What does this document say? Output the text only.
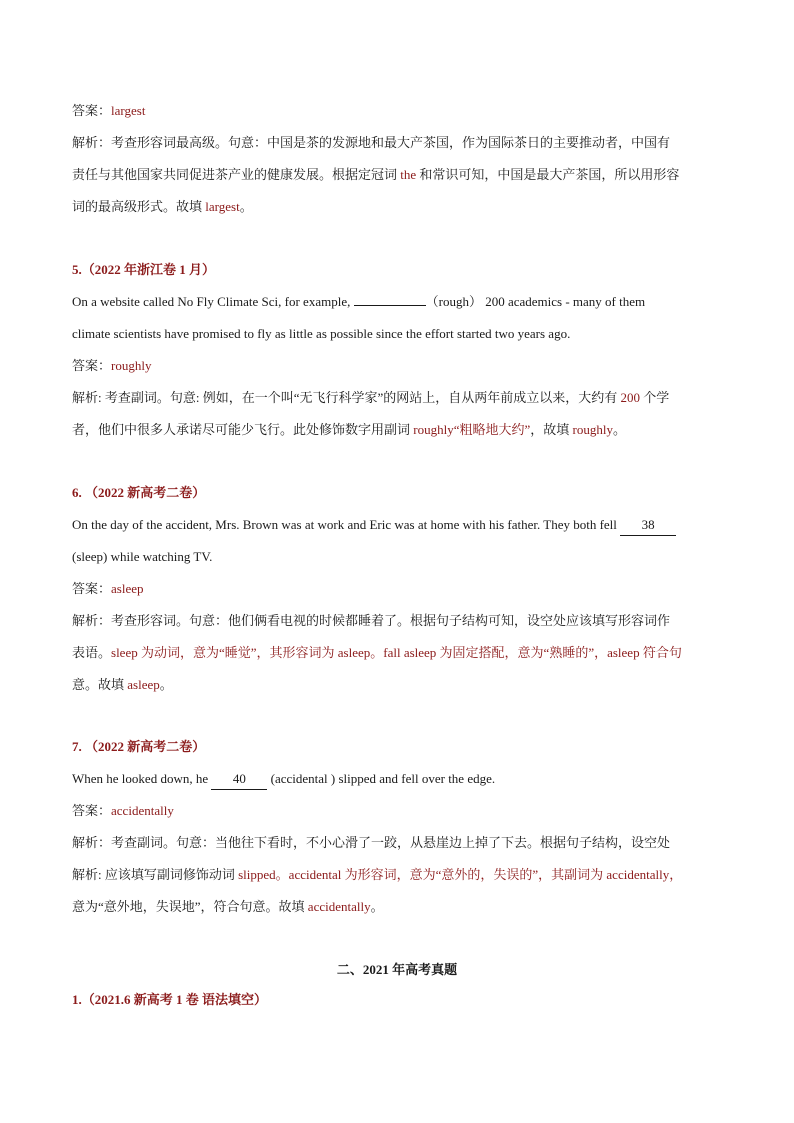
答案：largest
解析：考查形容词最高级。句意：中国是茶的发源地和最大产茶国，作为国际茶日的主要推动者，中国有
责任与其他国家共同促进茶产业的健康发展。根据定冠词 the 和常识可知，中国是最大产茶国，所以用形容
词的最高级形式。故填 largest。
5.（2022 年浙江卷 1 月）
On a website called No Fly Climate Sci, for example,	（rough） 200 academics - many of them
climate scientists have promised to fly as little as possible since the effort started two years ago.
答案：roughly
解析: 考查副词。句意: 例如，在一个叫“无飞行科学家”的网站上，自从两年前成立以来，大约有 200 个学
者，他们中很多人承诺尽可能少飞行。此处修饰数字用副词 roughly“粗略地大约”，故填 roughly。
6. （2022 新高考二卷）
On the day of the accident, Mrs. Brown was at work and Eric was at home with his father. They both fell 38
(sleep) while watching TV.
答案：asleep
解析：考查形容词。句意：他们俩看电视的时候都睡着了。根据句子结构可知，设空处应该填写形容词作
表语。sleep 为动词，意为“睡觉”，其形容词为 asleep。fall asleep 为固定搭配，意为“熟睡的”，asleep 符合句
意。故填 asleep。
7. （2022 新高考二卷）
When he looked down, he 40 (accidental ) slipped and fell over the edge.
答案：accidentally
解析：考查副词。句意：当他往下看时，不小心滑了一跤，从悬崖边上掉了下去。根据句子结构，设空处
解析: 应该填写副词修饰动词 slipped。accidental 为形容词，意为“意外的，失误的”，其副词为 accidentally，
意为“意外地，失误地”，符合句意。故填 accidentally。
二、2021 年高考真题
1.（2021.6 新高考 1 卷 语法填空）
